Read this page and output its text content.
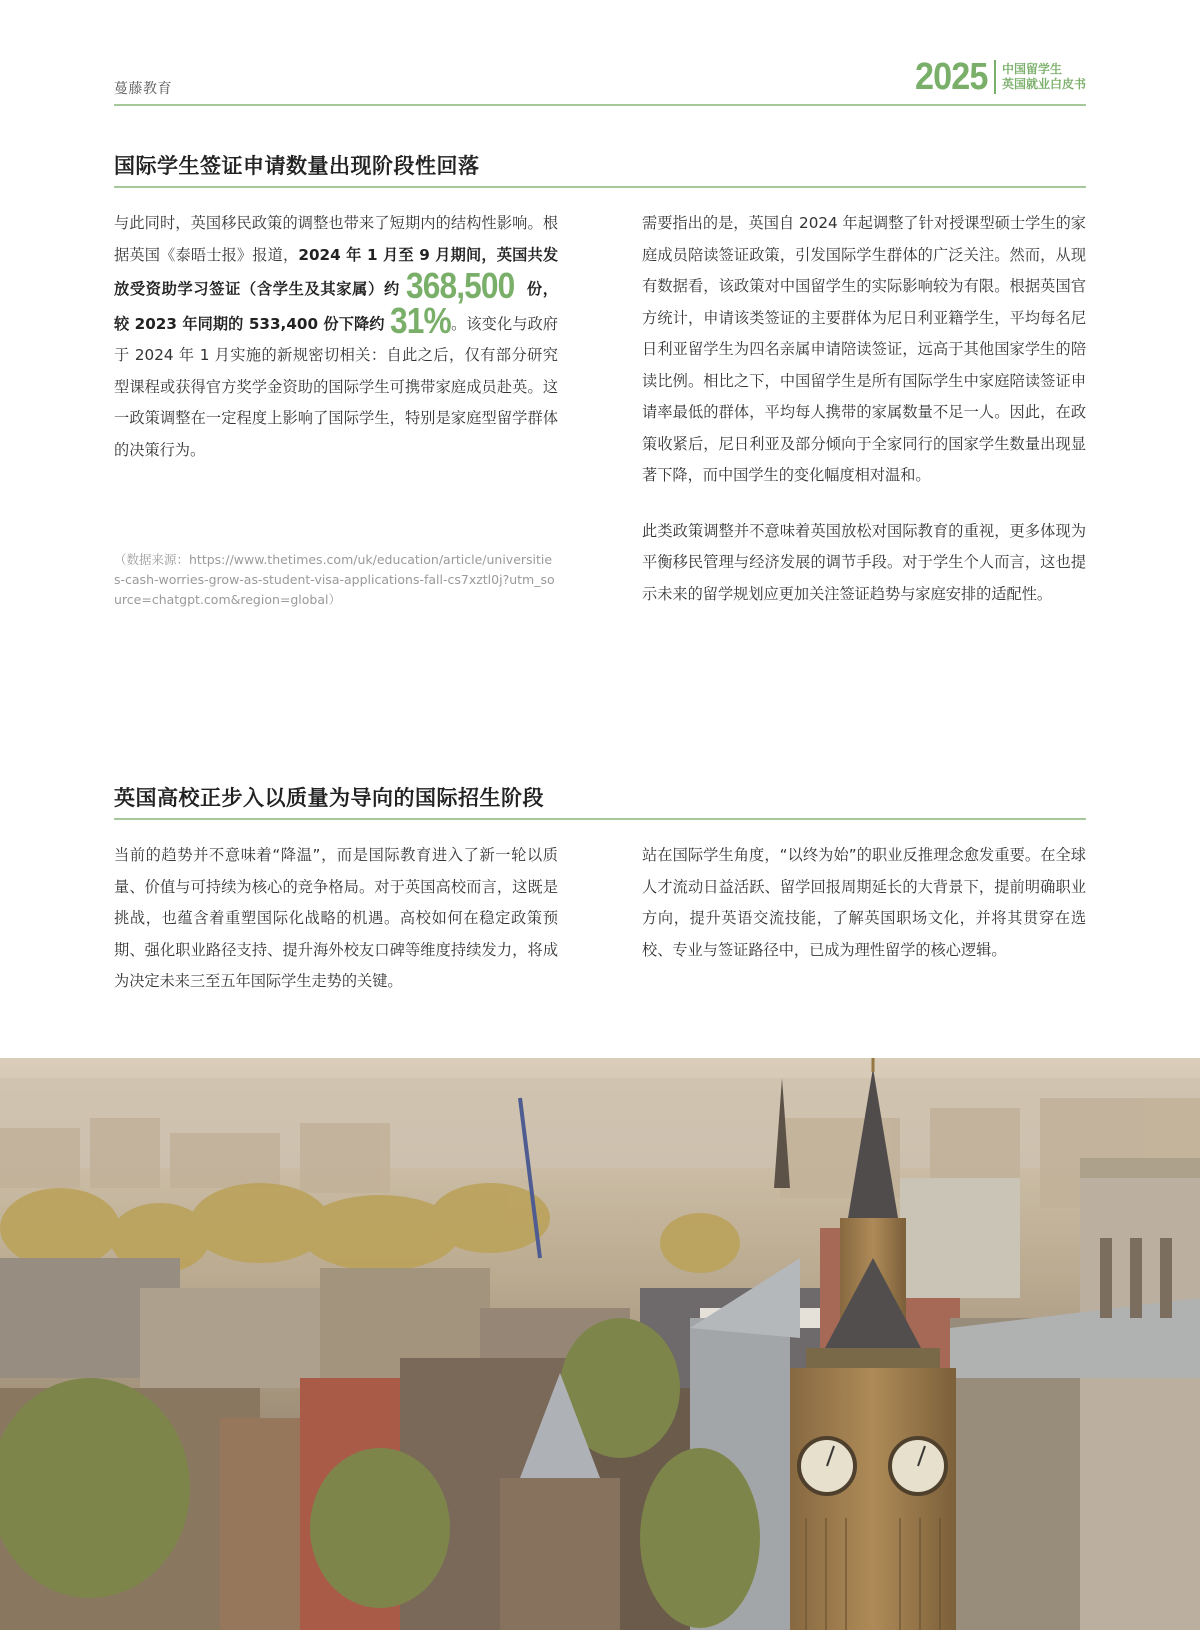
蔓藤教育	2025 中国留学生
英国就业白皮书
国际学生签证申请数量出现阶段性回落

与此同时，英国移民政策的调整也带来了短期内的结构性影响。根据英国《泰晤士报》报道，2024 年 1 月至 9 月期间，英国共发放受资助学习签证（含学生及其家属）约 368,500 份，较 2023 年同期的 533,400 份下降约 31%。该变化与政府于 2024 年 1 月实施的新规密切相关：自此之后，仅有部分研究型课程或获得官方奖学金资助的国际学生可携带家庭成员赴英。这一政策调整在一定程度上影响了国际学生，特别是家庭型留学群体的决策行为。

（数据来源：https://www.thetimes.com/uk/education/article/universities-cash-worries-grow-as-student-visa-applications-fall-cs7xztl0j?utm_source=chatgpt.com&region=global）

需要指出的是，英国自 2024 年起调整了针对授课型硕士学生的家庭成员陪读签证政策，引发国际学生群体的广泛关注。然而，从现有数据看，该政策对中国留学生的实际影响较为有限。根据英国官方统计，申请该类签证的主要群体为尼日利亚籍学生，平均每名尼日利亚留学生为四名亲属申请陪读签证，远高于其他国家学生的陪读比例。相比之下，中国留学生是所有国际学生中家庭陪读签证申请率最低的群体，平均每人携带的家属数量不足一人。因此，在政策收紧后，尼日利亚及部分倾向于全家同行的国家学生数量出现显著下降，而中国学生的变化幅度相对温和。

此类政策调整并不意味着英国放松对国际教育的重视，更多体现为平衡移民管理与经济发展的调节手段。对于学生个人而言，这也提示未来的留学规划应更加关注签证趋势与家庭安排的适配性。

英国高校正步入以质量为导向的国际招生阶段

当前的趋势并不意味着“降温”，而是国际教育进入了新一轮以质量、价值与可持续为核心的竞争格局。对于英国高校而言，这既是挑战，也蕴含着重塑国际化战略的机遇。高校如何在稳定政策预期、强化职业路径支持、提升海外校友口碑等维度持续发力，将成为决定未来三至五年国际学生走势的关键。

站在国际学生角度，“以终为始”的职业反推理念愈发重要。在全球人才流动日益活跃、留学回报周期延长的大背景下，提前明确职业方向，提升英语交流技能，了解英国职场文化，并将其贯穿在选校、专业与签证路径中，已成为理性留学的核心逻辑。
